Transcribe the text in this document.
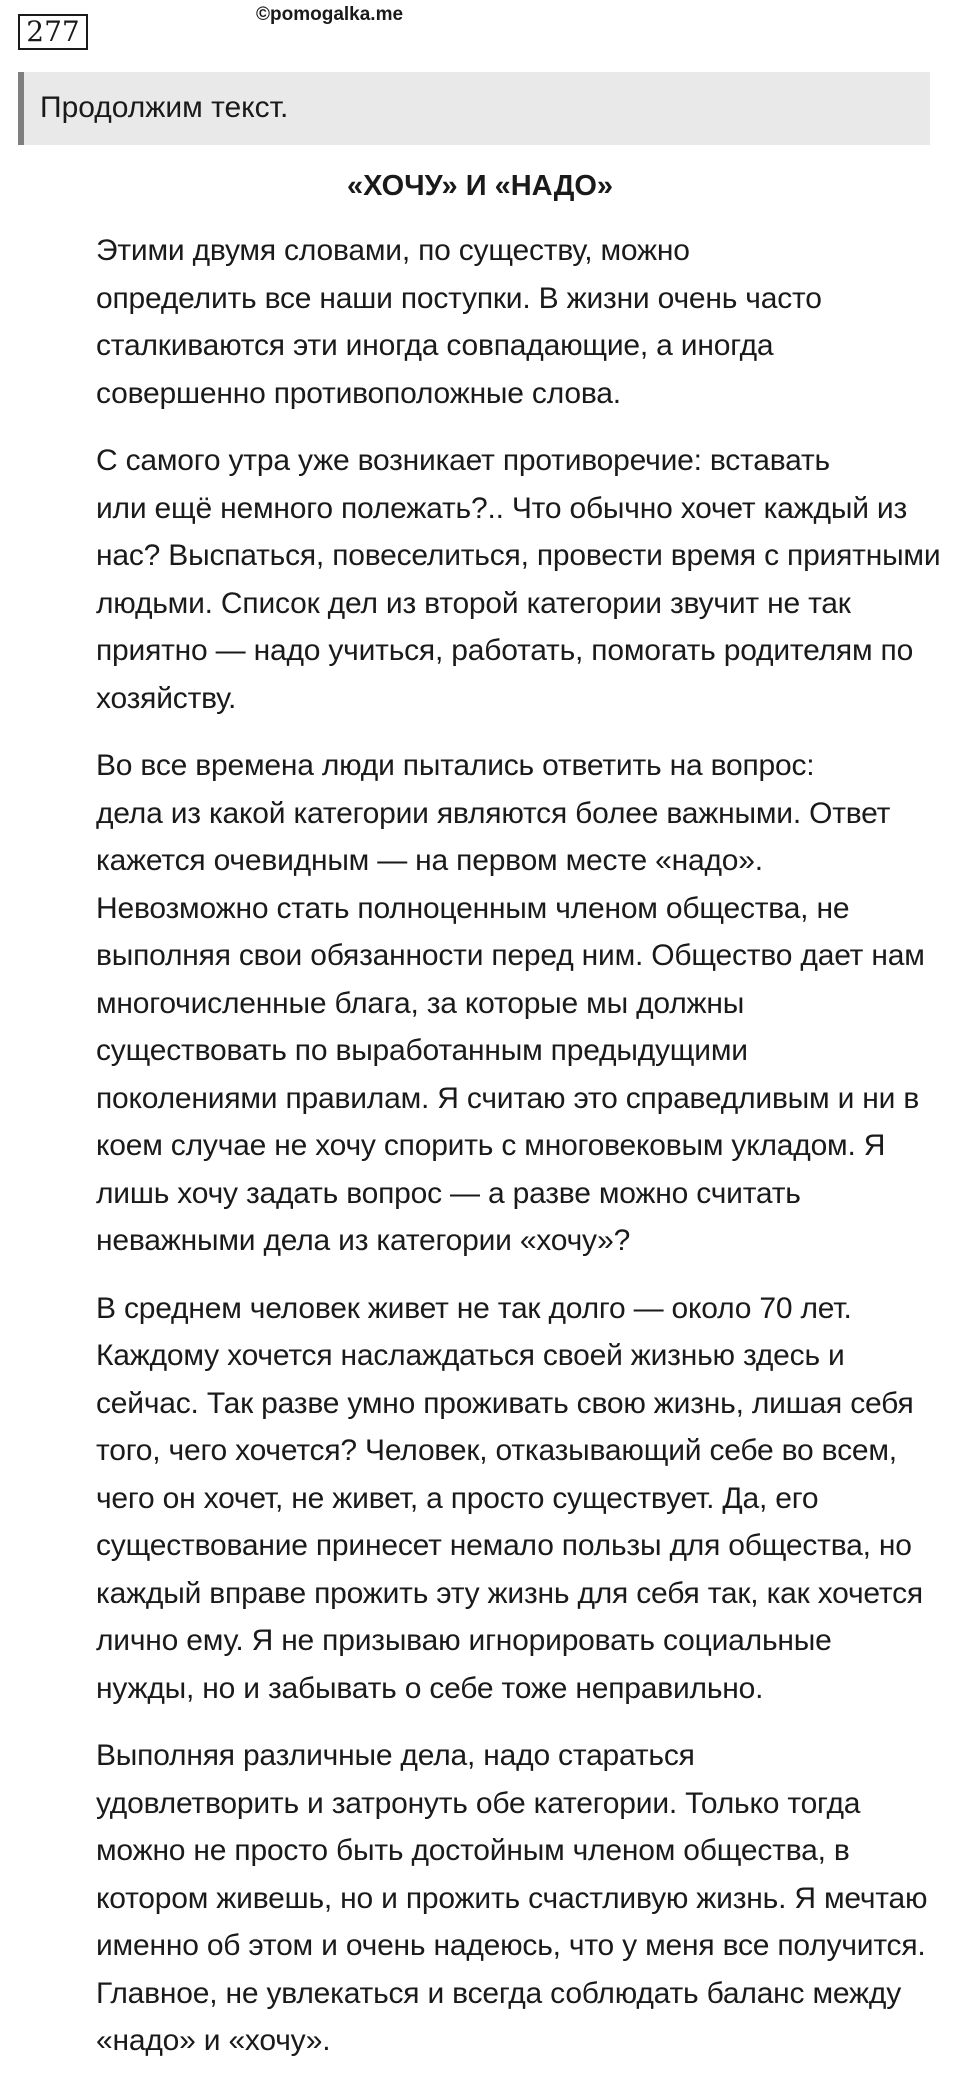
277
©pomogalka.me
Продолжим текст.
«ХОЧУ» И «НАДО»

Этими двумя словами, по существу, можно
определить все наши поступки. В жизни очень часто
сталкиваются эти иногда совпадающие, а иногда
совершенно противоположные слова.

С самого утра уже возникает противоречие: вставать
или ещё немного полежать?.. Что обычно хочет каждый из
нас? Выспаться, повеселиться, провести время с приятными
людьми. Список дел из второй категории звучит не так
приятно — надо учиться, работать, помогать родителям по
хозяйству.

Во все времена люди пытались ответить на вопрос:
дела из какой категории являются более важными. Ответ
кажется очевидным — на первом месте «надо».
Невозможно стать полноценным членом общества, не
выполняя свои обязанности перед ним. Общество дает нам
многочисленные блага, за которые мы должны
существовать по выработанным предыдущими
поколениями правилам. Я считаю это справедливым и ни в
коем случае не хочу спорить с многовековым укладом. Я
лишь хочу задать вопрос — а разве можно считать
неважными дела из категории «хочу»?

В среднем человек живет не так долго — около 70 лет.
Каждому хочется наслаждаться своей жизнью здесь и
сейчас. Так разве умно проживать свою жизнь, лишая себя
того, чего хочется? Человек, отказывающий себе во всем,
чего он хочет, не живет, а просто существует. Да, его
существование принесет немало пользы для общества, но
каждый вправе прожить эту жизнь для себя так, как хочется
лично ему. Я не призываю игнорировать социальные
нужды, но и забывать о себе тоже неправильно.

Выполняя различные дела, надо стараться
удовлетворить и затронуть обе категории. Только тогда
можно не просто быть достойным членом общества, в
котором живешь, но и прожить счастливую жизнь. Я мечтаю
именно об этом и очень надеюсь, что у меня все получится.
Главное, не увлекаться и всегда соблюдать баланс между
«надо» и «хочу».
